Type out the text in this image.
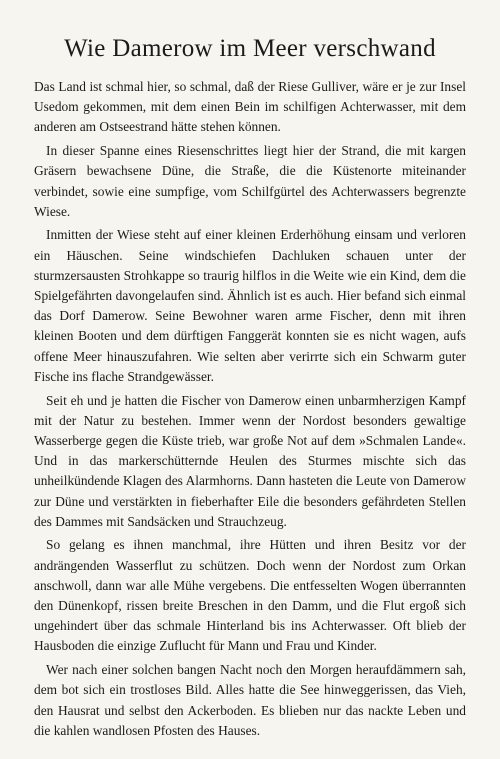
Wie Damerow im Meer verschwand

Das Land ist schmal hier, so schmal, daß der Riese Gulliver, wäre er je zur Insel Usedom gekommen, mit dem einen Bein im schilfigen Achterwasser, mit dem anderen am Ostseestrand hätte stehen können.

In dieser Spanne eines Riesenschrittes liegt hier der Strand, die mit kargen Gräsern bewachsene Düne, die Straße, die die Küstenorte miteinander verbindet, sowie eine sumpfige, vom Schilfgürtel des Achterwassers begrenzte Wiese.

Inmitten der Wiese steht auf einer kleinen Erderhöhung einsam und verloren ein Häuschen. Seine windschiefen Dachluken schauen unter der sturmzersausten Strohkappe so traurig hilflos in die Weite wie ein Kind, dem die Spielgefährten davongelaufen sind. Ähnlich ist es auch. Hier befand sich einmal das Dorf Damerow. Seine Bewohner waren arme Fischer, denn mit ihren kleinen Booten und dem dürftigen Fanggerät konnten sie es nicht wagen, aufs offene Meer hinauszufahren. Wie selten aber verirrte sich ein Schwarm guter Fische ins flache Strandgewässer.

Seit eh und je hatten die Fischer von Damerow einen unbarmherzigen Kampf mit der Natur zu bestehen. Immer wenn der Nordost besonders gewaltige Wasserberge gegen die Küste trieb, war große Not auf dem »Schmalen Lande«. Und in das markerschütternde Heulen des Sturmes mischte sich das unheilkündende Klagen des Alarmhorns. Dann hasteten die Leute von Damerow zur Düne und verstärkten in fieberhafter Eile die besonders gefährdeten Stellen des Dammes mit Sandsäcken und Strauchzeug.

So gelang es ihnen manchmal, ihre Hütten und ihren Besitz vor der andrängenden Wasserflut zu schützen. Doch wenn der Nordost zum Orkan anschwoll, dann war alle Mühe vergebens. Die entfesselten Wogen überrannten den Dünenkopf, rissen breite Breschen in den Damm, und die Flut ergoß sich ungehindert über das schmale Hinterland bis ins Achterwasser. Oft blieb der Hausboden die einzige Zuflucht für Mann und Frau und Kinder.

Wer nach einer solchen bangen Nacht noch den Morgen heraufdämmern sah, dem bot sich ein trostloses Bild. Alles hatte die See hinweggerissen, das Vieh, den Hausrat und selbst den Ackerboden. Es blieben nur das nackte Leben und die kahlen wandlosen Pfosten des Hauses.
